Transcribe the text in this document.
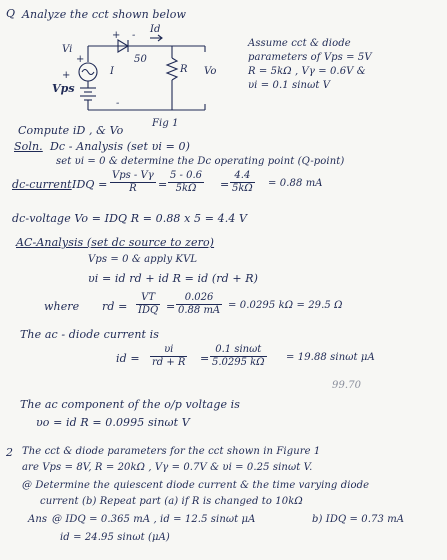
Q Analyze the cct shown below
Vi
+
+
Vps
+ -
Id
50
I	R Vo
-
Assume cct & diode
parameters of Vps = 5V
R = 5kΩ , Vγ = 0.6V &
υi = 0.1 sinωt V
Compute iD , & Vo
Fig 1
Soln. Dc - Analysis (set υi = 0)
set υi = 0 & determine the Dc operating point (Q-point)
dc-current IDQ =
Vps - Vγ
R	= $\frac{5 - 0.6}{5k\Omega} = \frac{4.4}{5k\Omega} = 0.88$ mA
dc-voltage Vo = IDQ R = 0.88 x 5 = 4.4 V
AC-Analysis (set dc source to zero)
Vps = 0 & apply KVL
υi = id rd + id R = id (rd + R)
where rd =
VT
IDQ = $\frac{0.026}{0.88 mA} = 0.0295$ kΩ = 29.5 Ω
The ac - diode current is
id = $\frac{\upsilon i}{rd + R} = \frac{0.1 \sin\omega t}{5.0295 k\Omega} = 19.88$ sinωt μA
99.70
The ac component of the o/p voltage is
υo = id R = 0.0995 sinωt V
2 The cct & diode parameters for the cct shown in Figure 1
are Vps = 8V, R = 20kΩ , Vγ = 0.7V & υi = 0.25 sinωt V.
@ Determine the quiescent diode current & the time varying diode
current (b) Repeat part (a) if R is changed to 10kΩ
Ans @ IDQ = 0.365 mA , id = 12.5 sinωt μA	b) IDQ = 0.73 mA
id = 24.95 sinωt (μA)
